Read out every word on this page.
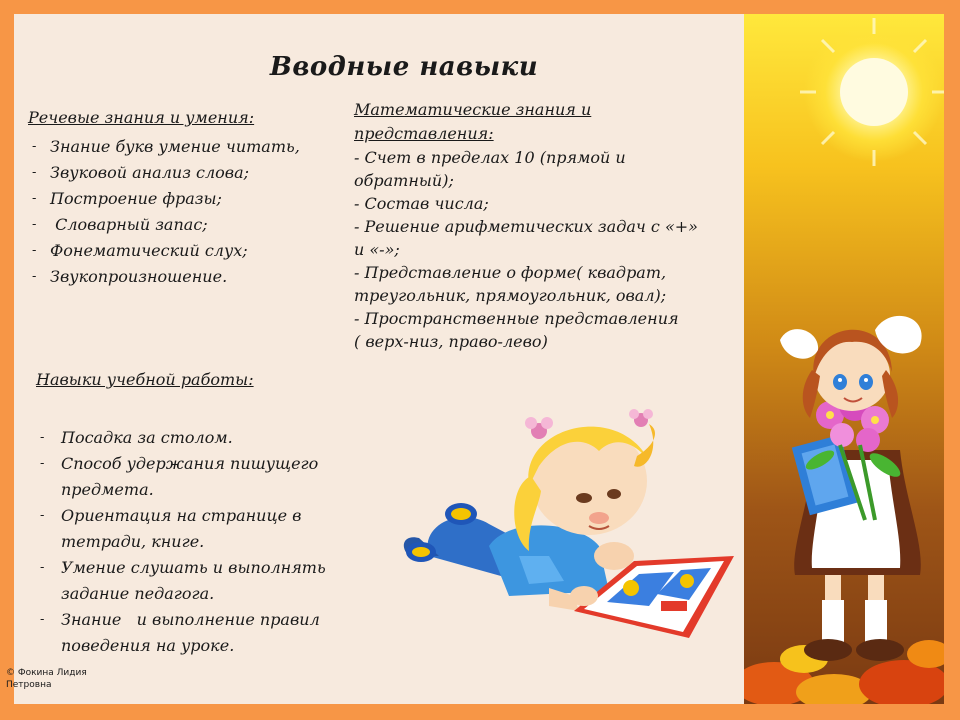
Вводные навыки
Речевые знания и умения:
- Знание букв умение читать,
- Звуковой анализ слова;
- Построение фразы;
-  Словарный запас;
- Фонематический слух;
- Звукопроизношение.
Математические знания и
представления:
- Счет в пределах 10 (прямой и
обратный);
- Состав числа;
- Решение арифметических задач с «+»
и «-»;
- Представление о форме( квадрат,
треугольник, прямоугольник, овал);
- Пространственные представления
( верх-низ, право-лево)
Навыки учебной работы:
- Посадка за столом.
- Способ удержания пишущего
предмета.
- Ориентация на странице в
тетради, книге.
- Умение слушать и выполнять
задание педагога.
- Знание   и выполнение правил
поведения на уроке.
© Фокина Лидия
Петровна
